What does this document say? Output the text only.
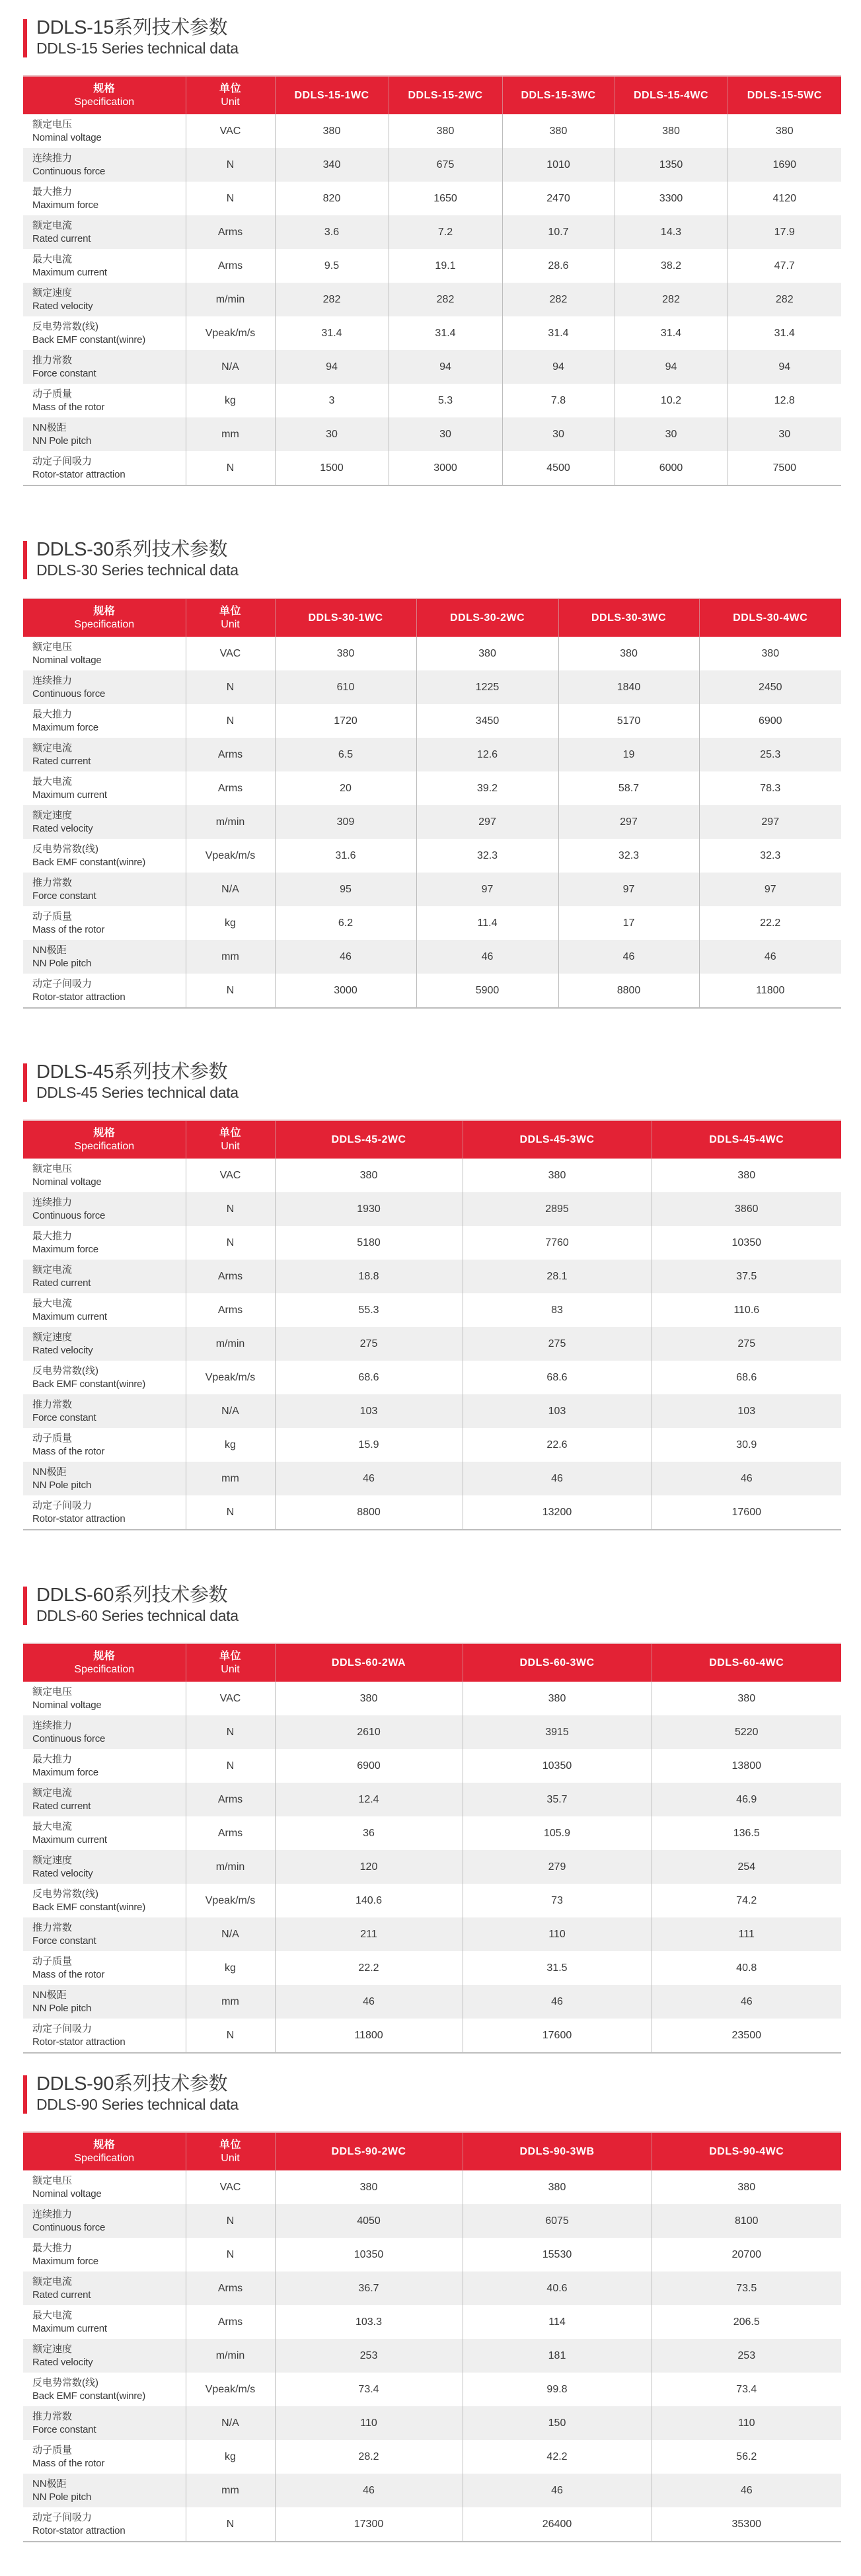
DDLS-15系列技术参数
DDLS-15 Series technical data
规格
Specification	单位
Unit	DDLS-15-1WC	DDLS-15-2WC	DDLS-15-3WC	DDLS-15-4WC	DDLS-15-5WC

额定电压
Nominal voltage	VAC	380	380	380	380	380

连续推力
Continuous force	N	340	675	1010	1350	1690

最大推力
Maximum force	N	820	1650	2470	3300	4120

额定电流
Rated current	Arms	3.6	7.2	10.7	14.3	17.9

最大电流
Maximum current	Arms	9.5	19.1	28.6	38.2	47.7

额定速度
Rated velocity	m/min	282	282	282	282	282

反电势常数(线)
Back EMF constant(winre)	Vpeak/m/s	31.4	31.4	31.4	31.4	31.4

推力常数
Force constant	N/A	94	94	94	94	94

动子质量
Mass of the rotor	kg	3	5.3	7.8	10.2	12.8

NN极距
NN Pole pitch	mm	30	30	30	30	30

动定子间吸力
Rotor-stator attraction	N	1500	3000	4500	6000	7500
DDLS-30系列技术参数
DDLS-30 Series technical data
规格
Specification	单位
Unit	DDLS-30-1WC	DDLS-30-2WC	DDLS-30-3WC	DDLS-30-4WC

额定电压
Nominal voltage	VAC	380	380	380	380

连续推力
Continuous force	N	610	1225	1840	2450

最大推力
Maximum force	N	1720	3450	5170	6900

额定电流
Rated current	Arms	6.5	12.6	19	25.3

最大电流
Maximum current	Arms	20	39.2	58.7	78.3

额定速度
Rated velocity	m/min	309	297	297	297

反电势常数(线)
Back EMF constant(winre)	Vpeak/m/s	31.6	32.3	32.3	32.3

推力常数
Force constant	N/A	95	97	97	97

动子质量
Mass of the rotor	kg	6.2	11.4	17	22.2

NN极距
NN Pole pitch	mm	46	46	46	46

动定子间吸力
Rotor-stator attraction	N	3000	5900	8800	11800
DDLS-45系列技术参数
DDLS-45 Series technical data
规格
Specification	单位
Unit	DDLS-45-2WC	DDLS-45-3WC	DDLS-45-4WC

额定电压
Nominal voltage	VAC	380	380	380

连续推力
Continuous force	N	1930	2895	3860

最大推力
Maximum force	N	5180	7760	10350

额定电流
Rated current	Arms	18.8	28.1	37.5

最大电流
Maximum current	Arms	55.3	83	110.6

额定速度
Rated velocity	m/min	275	275	275

反电势常数(线)
Back EMF constant(winre)	Vpeak/m/s	68.6	68.6	68.6

推力常数
Force constant	N/A	103	103	103

动子质量
Mass of the rotor	kg	15.9	22.6	30.9

NN极距
NN Pole pitch	mm	46	46	46

动定子间吸力
Rotor-stator attraction	N	8800	13200	17600
DDLS-60系列技术参数
DDLS-60 Series technical data
规格
Specification	单位
Unit	DDLS-60-2WA	DDLS-60-3WC	DDLS-60-4WC

额定电压
Nominal voltage	VAC	380	380	380

连续推力
Continuous force	N	2610	3915	5220

最大推力
Maximum force	N	6900	10350	13800

额定电流
Rated current	Arms	12.4	35.7	46.9

最大电流
Maximum current	Arms	36	105.9	136.5

额定速度
Rated velocity	m/min	120	279	254

反电势常数(线)
Back EMF constant(winre)	Vpeak/m/s	140.6	73	74.2

推力常数
Force constant	N/A	211	110	111

动子质量
Mass of the rotor	kg	22.2	31.5	40.8

NN极距
NN Pole pitch	mm	46	46	46

动定子间吸力
Rotor-stator attraction	N	11800	17600	23500
DDLS-90系列技术参数
DDLS-90 Series technical data
规格
Specification	单位
Unit	DDLS-90-2WC	DDLS-90-3WB	DDLS-90-4WC

额定电压
Nominal voltage	VAC	380	380	380

连续推力
Continuous force	N	4050	6075	8100

最大推力
Maximum force	N	10350	15530	20700

额定电流
Rated current	Arms	36.7	40.6	73.5

最大电流
Maximum current	Arms	103.3	114	206.5

额定速度
Rated velocity	m/min	253	181	253

反电势常数(线)
Back EMF constant(winre)	Vpeak/m/s	73.4	99.8	73.4

推力常数
Force constant	N/A	110	150	110

动子质量
Mass of the rotor	kg	28.2	42.2	56.2

NN极距
NN Pole pitch	mm	46	46	46

动定子间吸力
Rotor-stator attraction	N	17300	26400	35300
